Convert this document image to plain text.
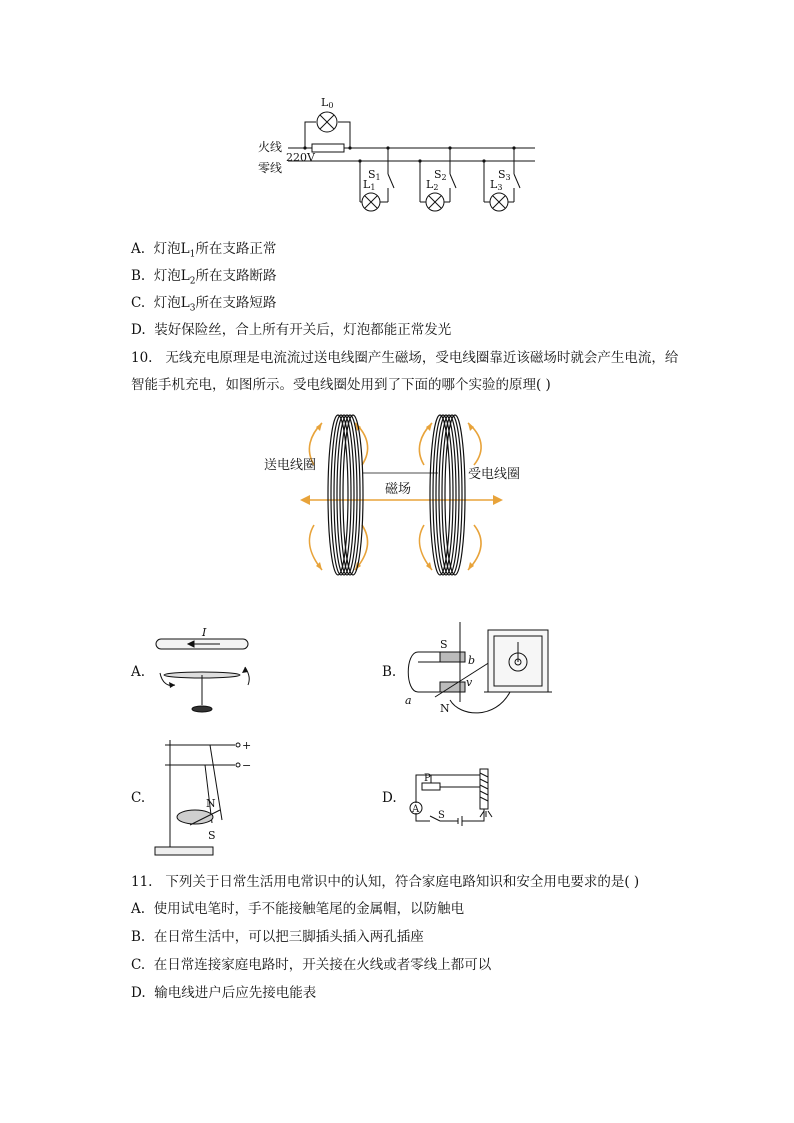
L0
火线
零线
220V
S1
L1
S2
L2
S3
L3
A. 灯泡$L_1$所在支路正常
B. 灯泡$L_2$所在支路断路
C. 灯泡$L_3$所在支路短路
D. 装好保险丝，合上所有开关后，灯泡都能正常发光
10. 无线充电原理是电流流过送电线圈产生磁场，受电线圈靠近该磁场时就会产生电流，给
智能手机充电，如图所示。受电线圈处用到了下面的哪个实验的原理( )
送电线圈
受电线圈
磁场
A.
I
B.
S
N
a
b
v
C.
+
−
N
S
D.
P
A
S
11. 下列关于日常生活用电常识中的认知，符合家庭电路知识和安全用电要求的是( )
A. 使用试电笔时，手不能接触笔尾的金属帽，以防触电
B. 在日常生活中，可以把三脚插头插入两孔插座
C. 在日常连接家庭电路时，开关接在火线或者零线上都可以
D. 输电线进户后应先接电能表
